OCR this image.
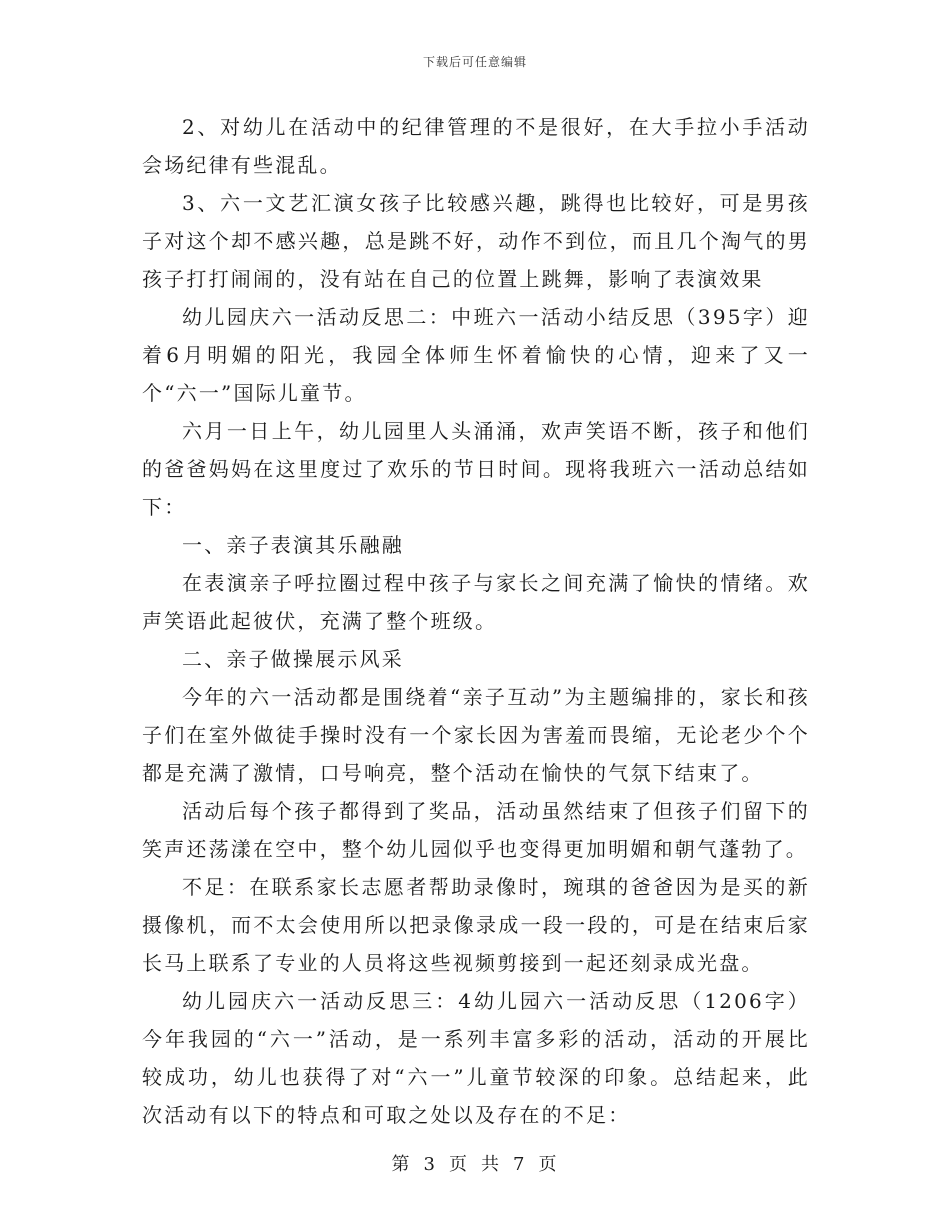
下载后可任意编辑

2、对幼儿在活动中的纪律管理的不是很好，在大手拉小手活动会场纪律有些混乱。

3、六一文艺汇演女孩子比较感兴趣，跳得也比较好，可是男孩子对这个却不感兴趣，总是跳不好，动作不到位，而且几个淘气的男孩子打打闹闹的，没有站在自己的位置上跳舞，影响了表演效果

幼儿园庆六一活动反思二：中班六一活动小结反思（395字）迎着6月明媚的阳光，我园全体师生怀着愉快的心情，迎来了又一个“六一”国际儿童节。

六月一日上午，幼儿园里人头涌涌，欢声笑语不断，孩子和他们的爸爸妈妈在这里度过了欢乐的节日时间。现将我班六一活动总结如下：

一、亲子表演其乐融融

在表演亲子呼拉圈过程中孩子与家长之间充满了愉快的情绪。欢声笑语此起彼伏，充满了整个班级。

二、亲子做操展示风采

今年的六一活动都是围绕着“亲子互动”为主题编排的，家长和孩子们在室外做徒手操时没有一个家长因为害羞而畏缩，无论老少个个都是充满了激情，口号响亮，整个活动在愉快的气氛下结束了。

活动后每个孩子都得到了奖品，活动虽然结束了但孩子们留下的笑声还荡漾在空中，整个幼儿园似乎也变得更加明媚和朝气蓬勃了。

不足：在联系家长志愿者帮助录像时，琬琪的爸爸因为是买的新摄像机，而不太会使用所以把录像录成一段一段的，可是在结束后家长马上联系了专业的人员将这些视频剪接到一起还刻录成光盘。

幼儿园庆六一活动反思三：4幼儿园六一活动反思（1206字）今年我园的“六一”活动，是一系列丰富多彩的活动，活动的开展比较成功，幼儿也获得了对“六一”儿童节较深的印象。总结起来，此次活动有以下的特点和可取之处以及存在的不足：

第 3 页 共 7 页
